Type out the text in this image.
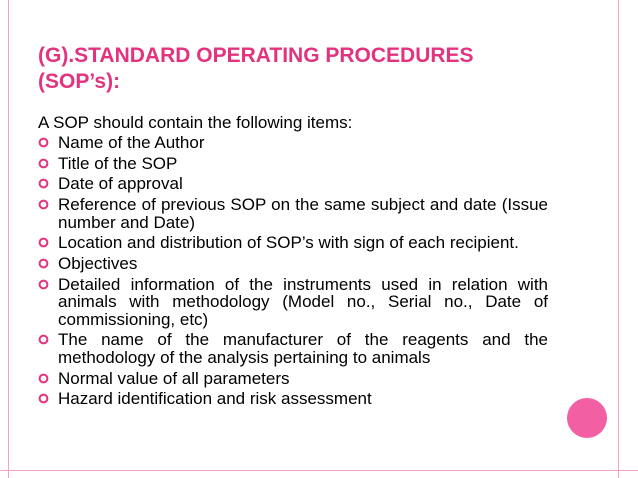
(G).STANDARD OPERATING PROCEDURES (SOP’s):

A SOP should contain the following items:

Name of the Author
Title of the SOP
Date of approval
Reference of previous SOP on the same subject and date (Issue number and Date)
Location and distribution of SOP’s with sign of each recipient.
Objectives
Detailed information of the instruments used in relation with animals with methodology (Model no., Serial no., Date of commissioning, etc)
The name of the manufacturer of the reagents and the methodology of the analysis pertaining to animals
Normal value of all parameters
Hazard identification and risk assessment
